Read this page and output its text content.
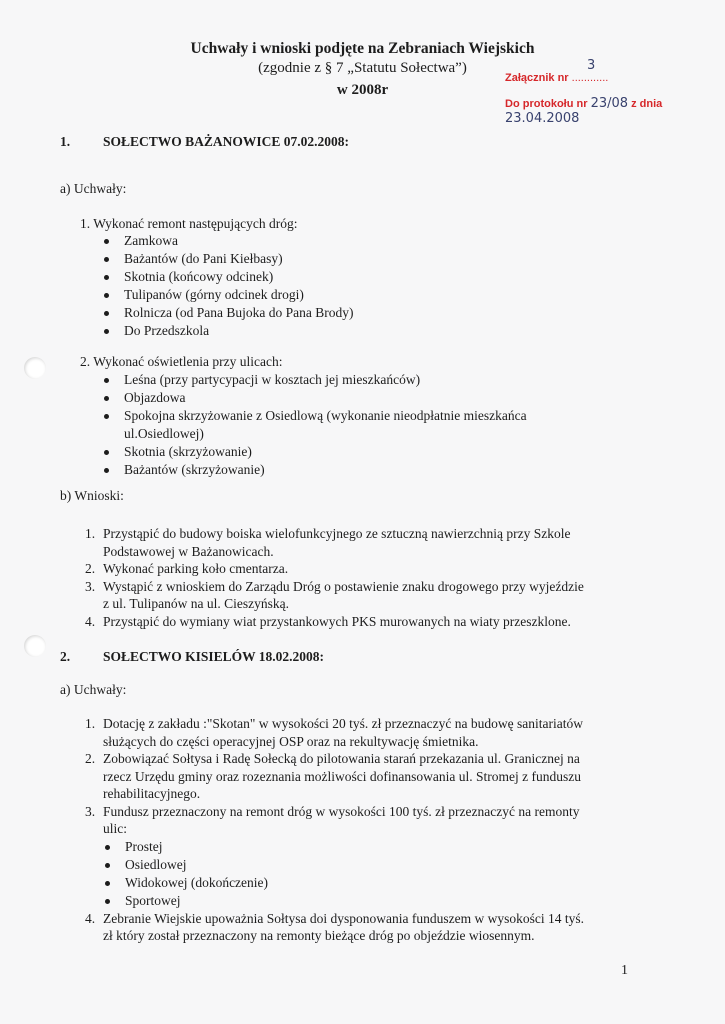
Uchwały i wnioski podjęte na Zebraniach Wiejskich
(zgodnie z § 7 „Statutu Sołectwa”)
w 2008r
Załącznik nr ............
3
Do protokołu nr 23/08 z dnia 23.04.2008
1. SOŁECTWO BAŻANOWICE 07.02.2008:
a) Uchwały:
1. Wykonać remont następujących dróg:
Zamkowa
Bażantów (do Pani Kiełbasy)
Skotnia (końcowy odcinek)
Tulipanów (górny odcinek drogi)
Rolnicza (od Pana Bujoka do Pana Brody)
Do Przedszkola
2. Wykonać oświetlenia przy ulicach:
Leśna (przy partycypacji w kosztach jej mieszkańców)
Objazdowa
Spokojna skrzyżowanie z Osiedlową (wykonanie nieodpłatnie mieszkańca
ul.Osiedlowej)
Skotnia (skrzyżowanie)
Bażantów (skrzyżowanie)
b) Wnioski:
1. Przystąpić do budowy boiska wielofunkcyjnego ze sztuczną nawierzchnią przy Szkole
Podstawowej w Bażanowicach.
2. Wykonać parking koło cmentarza.
3. Wystąpić z wnioskiem do Zarządu Dróg o postawienie znaku drogowego przy wyjeździe
z ul. Tulipanów na ul. Cieszyńską.
4. Przystąpić do wymiany wiat przystankowych PKS murowanych na wiaty przeszklone.
2. SOŁECTWO KISIELÓW 18.02.2008:
a) Uchwały:
1. Dotację z zakładu :"Skotan" w wysokości 20 tyś. zł przeznaczyć na budowę sanitariatów
służących do części operacyjnej OSP oraz na rekultywację śmietnika.
2. Zobowiązać Sołtysa i Radę Sołecką do pilotowania starań przekazania ul. Granicznej na
rzecz Urzędu gminy oraz rozeznania możliwości dofinansowania ul. Stromej z funduszu
rehabilitacyjnego.
3. Fundusz przeznaczony na remont dróg w wysokości 100 tyś. zł przeznaczyć na remonty
ulic:
Prostej
Osiedlowej
Widokowej (dokończenie)
Sportowej
4. Zebranie Wiejskie upoważnia Sołtysa doi dysponowania funduszem w wysokości 14 tyś.
zł który został przeznaczony na remonty bieżące dróg po objeździe wiosennym.
1
